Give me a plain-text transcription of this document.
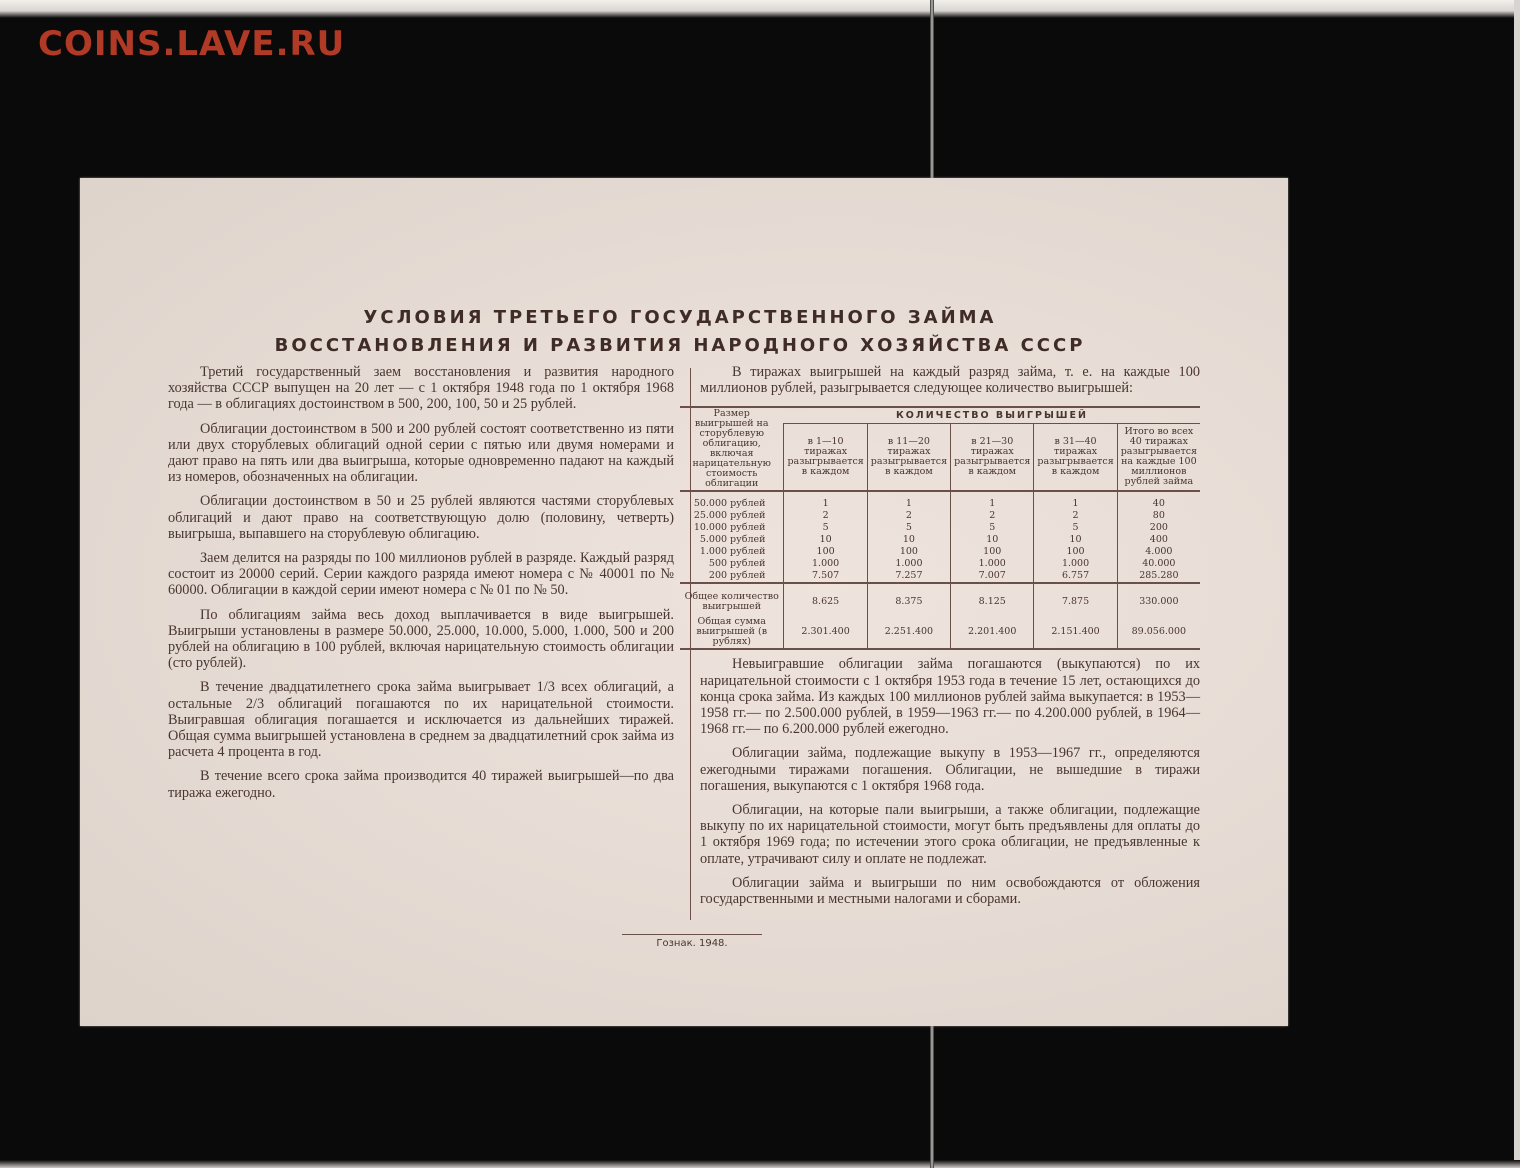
COINS.LAVE.RU

УСЛОВИЯ ТРЕТЬЕГО ГОСУДАРСТВЕННОГО ЗАЙМА
ВОССТАНОВЛЕНИЯ И РАЗВИТИЯ НАРОДНОГО ХОЗЯЙСТВА СССР

Третий государственный заем восстановления и развития народного хозяйства СССР выпущен на 20 лет — с 1 октября 1948 года по 1 октября 1968 года — в облигациях достоинством в 500, 200, 100, 50 и 25 рублей.

Облигации достоинством в 500 и 200 рублей состоят соответственно из пяти или двух сторублевых облигаций одной серии с пятью или двумя номерами и дают право на пять или два выигрыша, которые одновременно падают на каждый из номеров, обозначенных на облигации.

Облигации достоинством в 50 и 25 рублей являются частями сторублевых облигаций и дают право на соответствующую долю (половину, четверть) выигрыша, выпавшего на сторублевую облигацию.

Заем делится на разряды по 100 миллионов рублей в разряде. Каждый разряд состоит из 20000 серий. Серии каждого разряда имеют номера с № 40001 по № 60000. Облигации в каждой серии имеют номера с № 01 по № 50.

По облигациям займа весь доход выплачивается в виде выигрышей. Выигрыши установлены в размере 50.000, 25.000, 10.000, 5.000, 1.000, 500 и 200 рублей на облигацию в 100 рублей, включая нарицательную стоимость облигации (сто рублей).

В течение двадцатилетнего срока займа выигрывает 1/3 всех облигаций, а остальные 2/3 облигаций погашаются по их нарицательной стоимости. Выигравшая облигация погашается и исключается из дальнейших тиражей. Общая сумма выигрышей установлена в среднем за двадцатилетний срок займа из расчета 4 процента в год.

В течение всего срока займа производится 40 тиражей выигрышей—по два тиража ежегодно.

В тиражах выигрышей на каждый разряд займа, т. е. на каждые 100 миллионов рублей, разыгрывается следующее количество выигрышей:

Размер выигрышей на сторублевую облигацию, включая нарицательную стоимость облигации	КОЛИЧЕСТВО ВЫИГРЫШЕЙ				
	в 1—10 тиражах разыгрывается в каждом	в 11—20 тиражах разыгрывается в каждом	в 21—30 тиражах разыгрывается в каждом	в 31—40 тиражах разыгрывается в каждом	Итого во всех 40 тиражах разыгрывается на каждые 100 миллионов рублей займа
50.000 рублей	1	1	1	1	40
25.000 рублей	2	2	2	2	80
10.000 рублей	5	5	5	5	200
5.000 рублей	10	10	10	10	400
1.000 рублей	100	100	100	100	4.000
500 рублей	1.000	1.000	1.000	1.000	40.000
200 рублей	7.507	7.257	7.007	6.757	285.280
Общее количество выигрышей	8.625	8.375	8.125	7.875	330.000
Общая сумма выигрышей (в рублях)	2.301.400	2.251.400	2.201.400	2.151.400	89.056.000

Невыигравшие облигации займа погашаются (выкупаются) по их нарицательной стоимости с 1 октября 1953 года в течение 15 лет, остающихся до конца срока займа. Из каждых 100 миллионов рублей займа выкупается: в 1953—1958 гг.— по 2.500.000 рублей, в 1959—1963 гг.— по 4.200.000 рублей, в 1964—1968 гг.— по 6.200.000 рублей ежегодно.

Облигации займа, подлежащие выкупу в 1953—1967 гг., определяются ежегодными тиражами погашения. Облигации, не вышедшие в тиражи погашения, выкупаются с 1 октября 1968 года.

Облигации, на которые пали выигрыши, а также облигации, подлежащие выкупу по их нарицательной стоимости, могут быть предъявлены для оплаты до 1 октября 1969 года; по истечении этого срока облигации, не предъявленные к оплате, утрачивают силу и оплате не подлежат.

Облигации займа и выигрыши по ним освобождаются от обложения государственными и местными налогами и сборами.

Гознак. 1948.
